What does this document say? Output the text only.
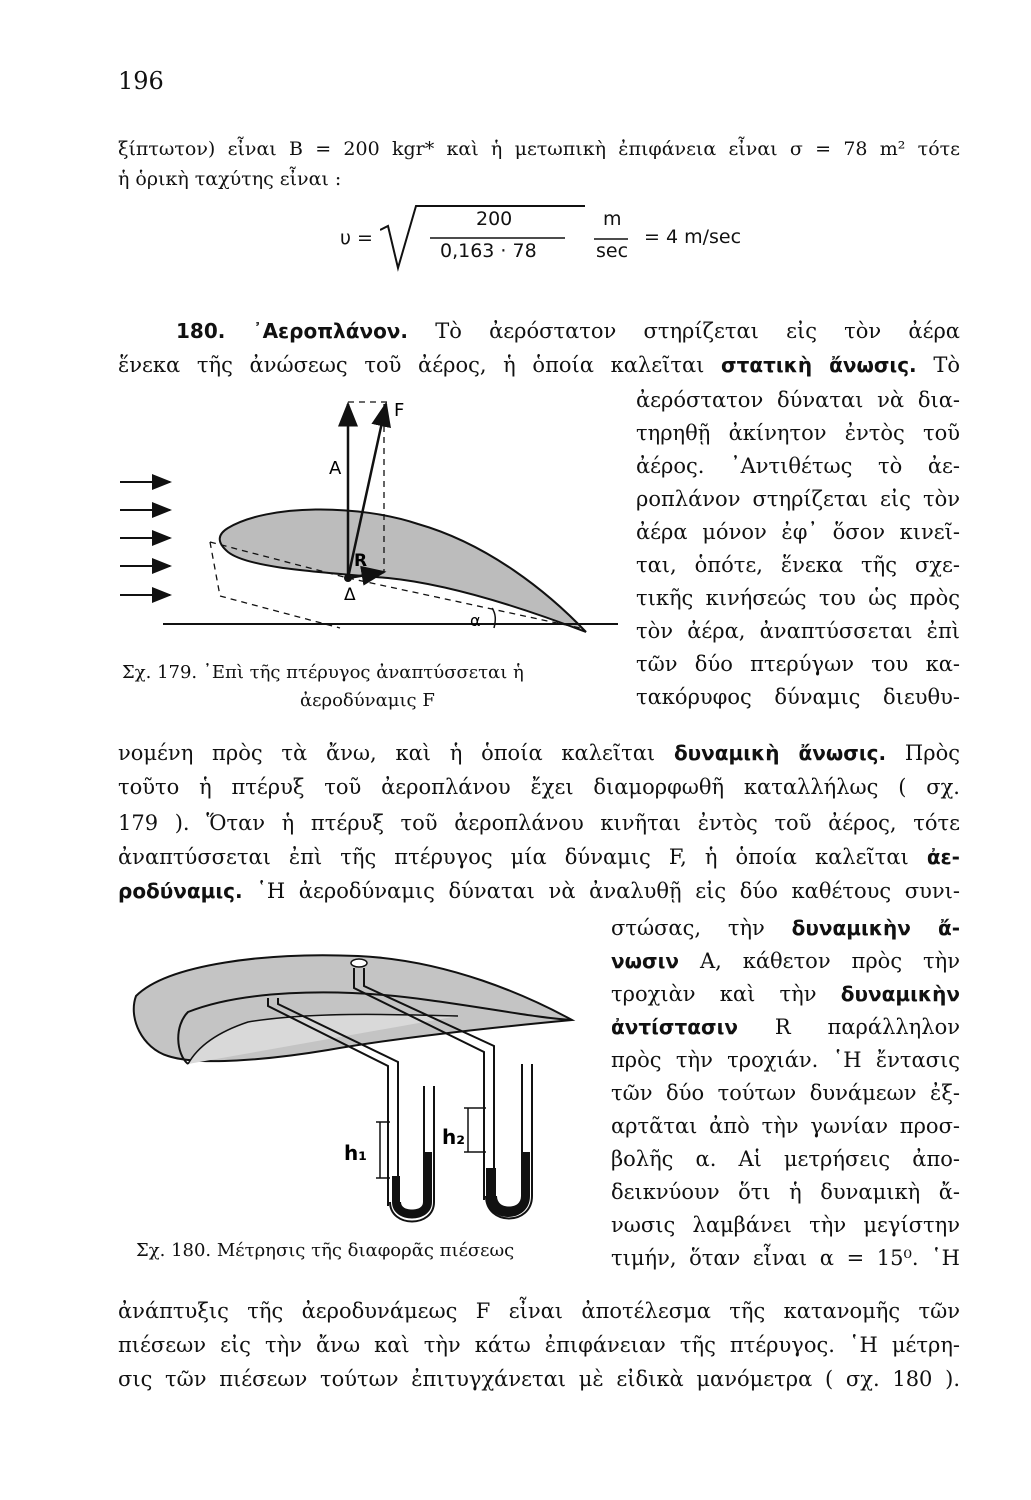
196
ξίπτωτον) εἶναι B = 200 kgr* καὶ ἡ μετωπικὴ ἐπιφάνεια εἶναι σ = 78 m² τότε
ἡ ὁρικὴ ταχύτης εἶναι :
υ =
200
0,163 · 78
m
sec
= 4 m/sec
180. ᾿Αεροπλάνον. Τὸ ἀερόστατον στηρίζεται εἰς τὸν ἀέρα
ἕνεκα τῆς ἀνώσεως τοῦ ἀέρος, ἡ ὁποία καλεῖται στατικὴ ἄνωσις. Τὸ
ἀερόστατον δύναται νὰ δια-
τηρηθῇ ἀκίνητον ἐντὸς τοῦ
ἀέρος. ᾿Αντιθέτως τὸ ἀε-
ροπλάνον στηρίζεται εἰς τὸν
ἀέρα μόνον ἐφ᾿ ὅσον κινεῖ-
ται, ὁπότε, ἕνεκα τῆς σχε-
τικῆς κινήσεώς του ὡς πρὸς
τὸν ἀέρα, ἀναπτύσσεται ἐπὶ
τῶν δύο πτερύγων του κα-
τακόρυφος δύναμις διευθυ-
F
A
R
Δ
α
Σχ. 179. ᾿Επὶ τῆς πτέρυγος ἀναπτύσσεται ἡ
ἀεροδύναμις F
νομένη πρὸς τὰ ἄνω, καὶ ἡ ὁποία καλεῖται δυναμικὴ ἄνωσις. Πρὸς
τοῦτο ἡ πτέρυξ τοῦ ἀεροπλάνου ἔχει διαμορφωθῆ καταλλήλως ( σχ.
179 ). Ὅταν ἡ πτέρυξ τοῦ ἀεροπλάνου κινῆται ἐντὸς τοῦ ἀέρος, τότε
ἀναπτύσσεται ἐπὶ τῆς πτέρυγος μία δύναμις F, ἡ ὁποία καλεῖται ἀε-
ροδύναμις. ῾Η ἀεροδύναμις δύναται νὰ ἀναλυθῇ εἰς δύο καθέτους συνι-
στώσας, τὴν δυναμικὴν ἄ-
νωσιν A, κάθετον πρὸς τὴν
τροχιὰν καὶ τὴν δυναμικὴν
ἀντίστασιν R παράλληλον
πρὸς τὴν τροχιάν. ῾Η ἔντασις
τῶν δύο τούτων δυνάμεων ἐξ-
αρτᾶται ἀπὸ τὴν γωνίαν προσ-
βολῆς α. Αἱ μετρήσεις ἀπο-
δεικνύουν ὅτι ἡ δυναμικὴ ἄ-
νωσις λαμβάνει τὴν μεγίστην
τιμήν, ὅταν εἶναι α = 15⁰. ῾Η
h₁
h₂
Σχ. 180. Μέτρησις τῆς διαφορᾶς πιέσεως
ἀνάπτυξις τῆς ἀεροδυνάμεως F εἶναι ἀποτέλεσμα τῆς κατανομῆς τῶν
πιέσεων εἰς τὴν ἄνω καὶ τὴν κάτω ἐπιφάνειαν τῆς πτέρυγος. ῾Η μέτρη-
σις τῶν πιέσεων τούτων ἐπιτυγχάνεται μὲ εἰδικὰ μανόμετρα ( σχ. 180 ).
